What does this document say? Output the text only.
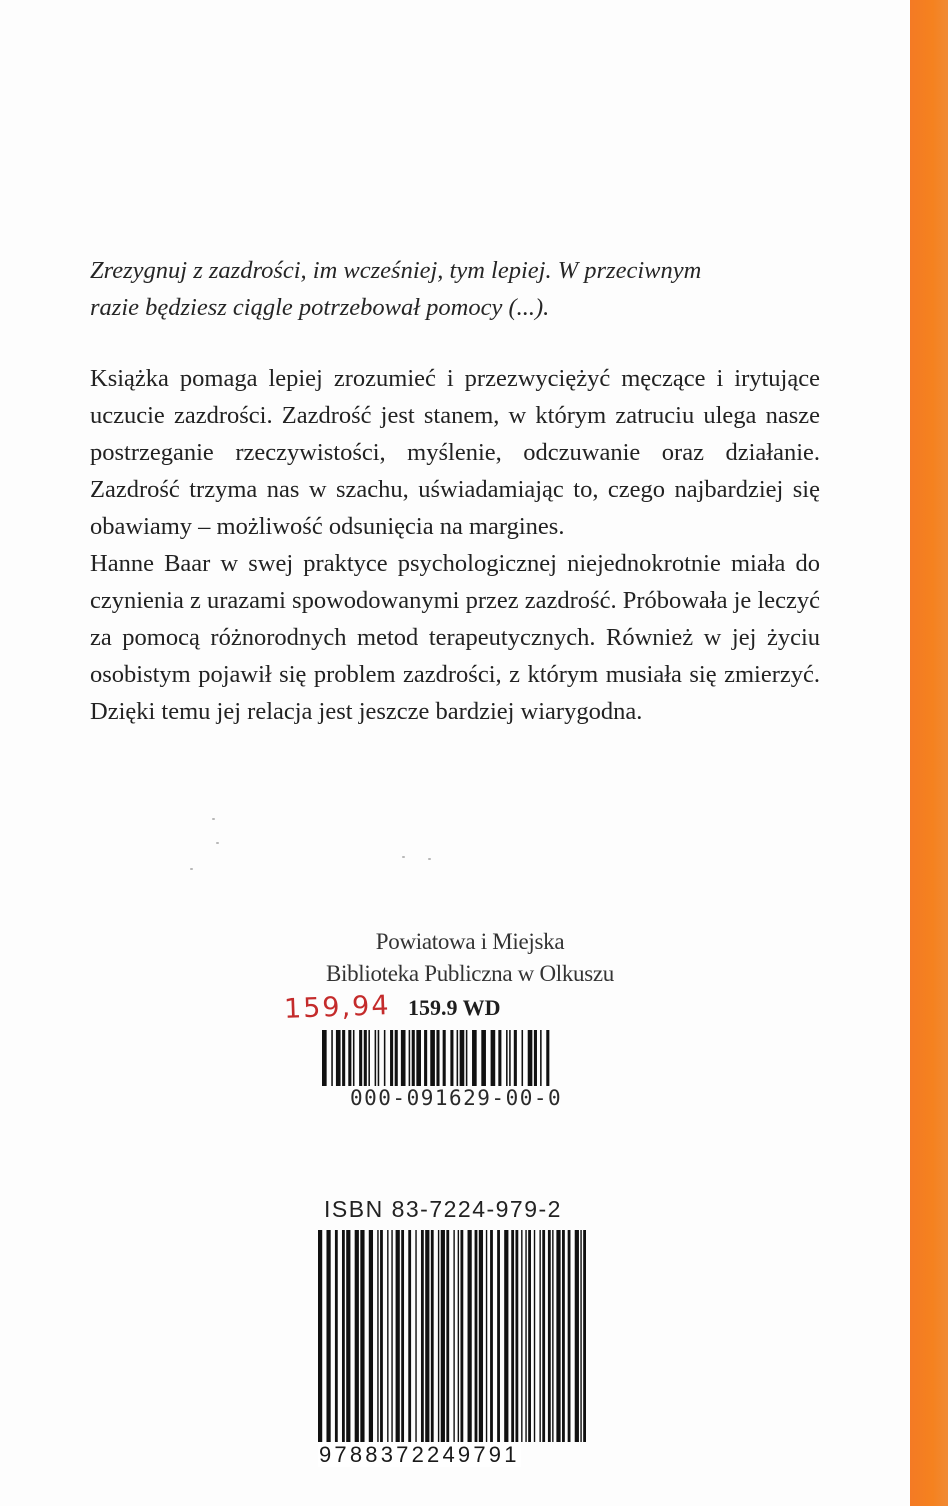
Zrezygnuj z zazdrości, im wcześniej, tym lepiej. W przeciwnym

razie będziesz ciągle potrzebował pomocy (...).

Książka pomaga lepiej zrozumieć i przezwyciężyć męczące i irytujące uczucie zazdrości. Zazdrość jest stanem, w którym zatruciu ulega nasze postrzeganie rzeczywistości, myślenie, odczuwanie oraz działanie. Zazdrość trzyma nas w szachu, uświadamiając to, czego najbardziej się obawiamy – możliwość odsunięcia na margines.

Hanne Baar w swej praktyce psychologicznej niejednokrotnie miała do czynienia z urazami spowodowanymi przez zazdrość. Próbowała je leczyć za pomocą różnorodnych metod terapeutycznych. Również w jej życiu osobistym pojawił się problem zazdrości, z którym musiała się zmierzyć. Dzięki temu jej relacja jest jeszcze bardziej wiarygodna.

Powiatowa i Miejska
Biblioteka Publiczna w Olkuszu
159,94 159.9 WD
000-091629-00-0
ISBN 83-7224-979-2
9788372249791
